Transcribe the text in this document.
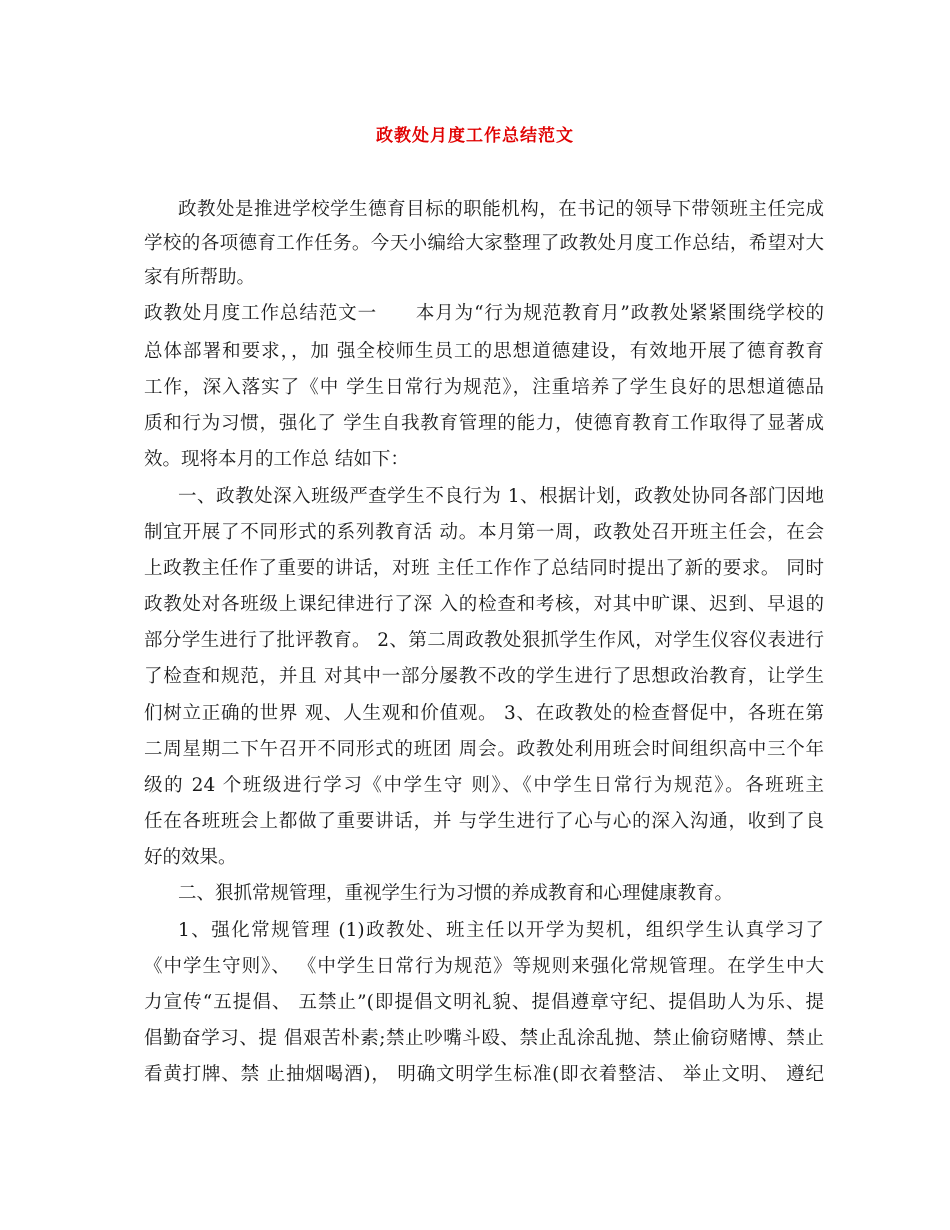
政教处月度工作总结范文
政教处是推进学校学生德育目标的职能机构，在书记的领导下带领班主任完成
学校的各项德育工作任务。今天小编给大家整理了政教处月度工作总结，希望对大
家有所帮助。
政教处月度工作总结范文一　　本月为“行为规范教育月”政教处紧紧围绕学校的
总体部署和要求，，加 强全校师生员工的思想道德建设，有效地开展了德育教育
工作，深入落实了《中 学生日常行为规范》，注重培养了学生良好的思想道德品
质和行为习惯，强化了 学生自我教育管理的能力，使德育教育工作取得了显著成
效。现将本月的工作总 结如下：
一、政教处深入班级严查学生不良行为 1、根据计划，政教处协同各部门因地
制宜开展了不同形式的系列教育活 动。本月第一周，政教处召开班主任会，在会
上政教主任作了重要的讲话，对班 主任工作作了总结同时提出了新的要求。 同时
政教处对各班级上课纪律进行了深 入的检查和考核，对其中旷课、迟到、早退的
部分学生进行了批评教育。 2、第二周政教处狠抓学生作风，对学生仪容仪表进行
了检查和规范，并且 对其中一部分屡教不改的学生进行了思想政治教育，让学生
们树立正确的世界 观、人生观和价值观。 3、在政教处的检查督促中，各班在第
二周星期二下午召开不同形式的班团 周会。政教处利用班会时间组织高中三个年
级的 24 个班级进行学习《中学生守 则》、《中学生日常行为规范》。各班班主
任在各班班会上都做了重要讲话，并 与学生进行了心与心的深入沟通，收到了良
好的效果。
二、狠抓常规管理，重视学生行为习惯的养成教育和心理健康教育。
1、强化常规管理 (1)政教处、班主任以开学为契机，组织学生认真学习了
《中学生守则》、 《中学生日常行为规范》等规则来强化常规管理。在学生中大
力宣传“五提倡、 五禁止”(即提倡文明礼貌、提倡遵章守纪、提倡助人为乐、提
倡勤奋学习、提 倡艰苦朴素;禁止吵嘴斗殴、禁止乱涂乱抛、禁止偷窃赌博、禁止
看黄打牌、禁 止抽烟喝酒)， 明确文明学生标准(即衣着整洁、 举止文明、 遵纪
